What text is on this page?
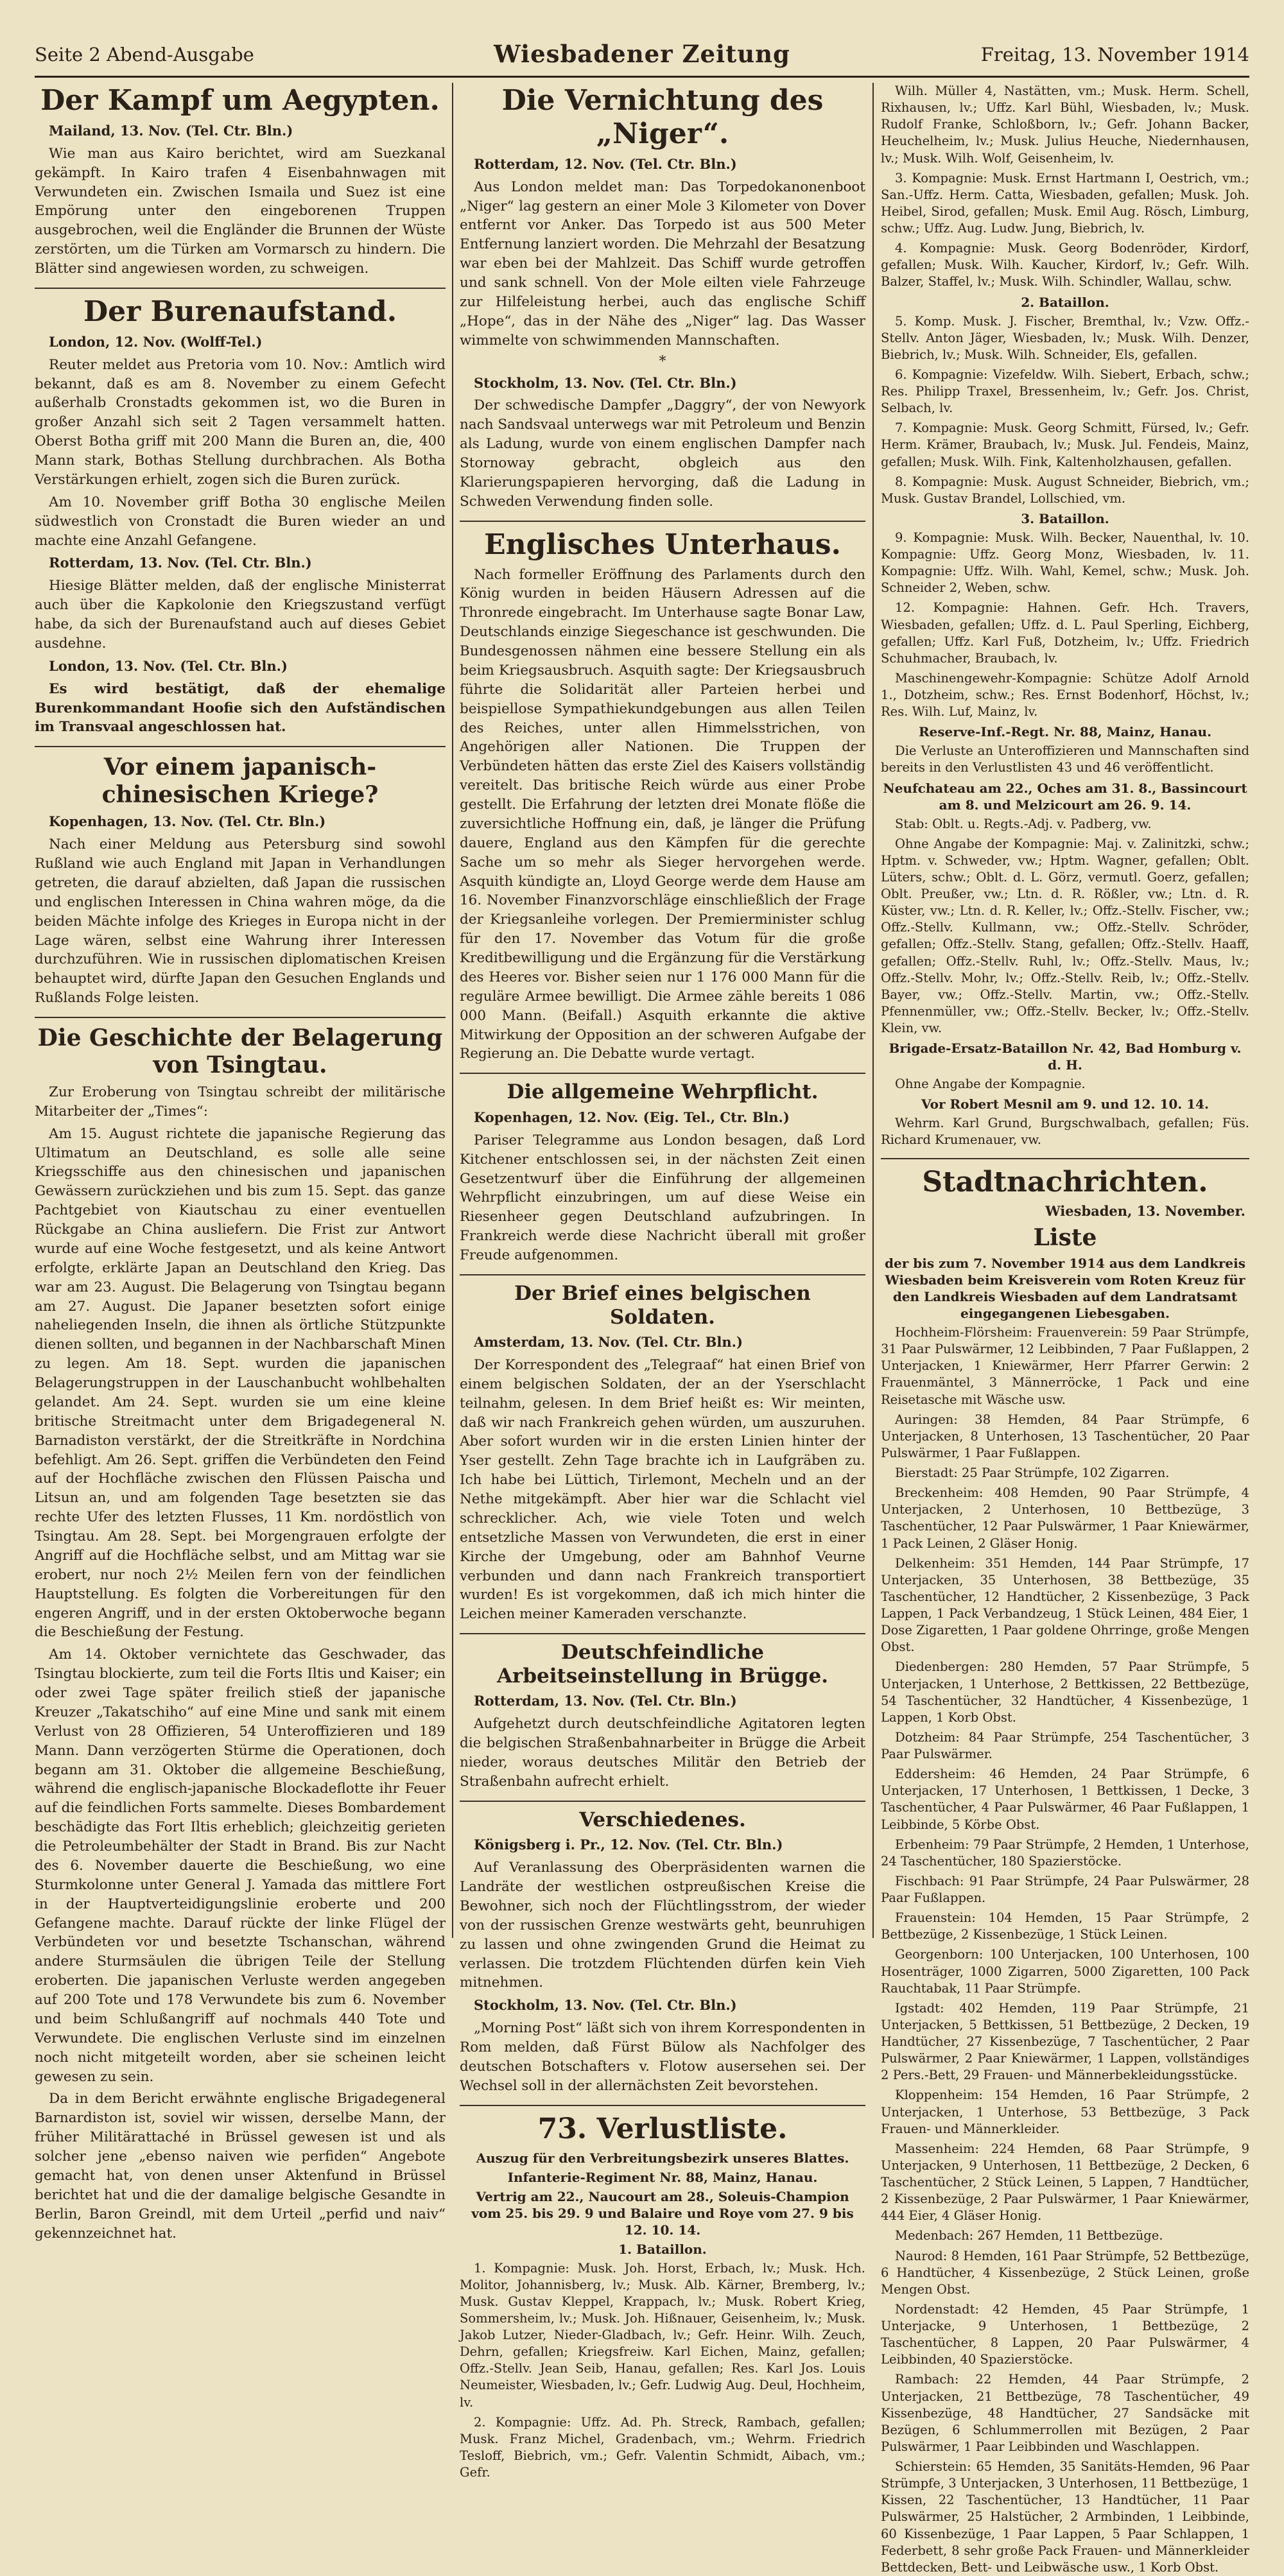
Seite 2 Abend-Ausgabe	Wiesbadener Zeitung	Freitag, 13. November 1914
Der Kampf um Aegypten.

Mailand, 13. Nov. (Tel. Ctr. Bln.)

Wie man aus Kairo berichtet, wird am Suezkanal gekämpft. In Kairo trafen 4 Eisenbahnwagen mit Verwundeten ein. Zwischen Ismaila und Suez ist eine Empörung unter den eingeborenen Truppen ausgebrochen, weil die Engländer die Brunnen der Wüste zerstörten, um die Türken am Vormarsch zu hindern. Die Blätter sind angewiesen worden, zu schweigen.

Der Burenaufstand.

London, 12. Nov. (Wolff-Tel.)

Reuter meldet aus Pretoria vom 10. Nov.: Amtlich wird bekannt, daß es am 8. November zu einem Gefecht außerhalb Cronstadts gekommen ist, wo die Buren in großer Anzahl sich seit 2 Tagen versammelt hatten. Oberst Botha griff mit 200 Mann die Buren an, die, 400 Mann stark, Bothas Stellung durchbrachen. Als Botha Verstärkungen erhielt, zogen sich die Buren zurück.

Am 10. November griff Botha 30 englische Meilen südwestlich von Cronstadt die Buren wieder an und machte eine Anzahl Gefangene.

Rotterdam, 13. Nov. (Tel. Ctr. Bln.)

Hiesige Blätter melden, daß der englische Ministerrat auch über die Kapkolonie den Kriegszustand verfügt habe, da sich der Burenaufstand auch auf dieses Gebiet ausdehne.

London, 13. Nov. (Tel. Ctr. Bln.)

Es wird bestätigt, daß der ehemalige Burenkommandant Hoofie sich den Aufständischen im Transvaal angeschlossen hat.

Vor einem japanisch-chinesischen Kriege?

Kopenhagen, 13. Nov. (Tel. Ctr. Bln.)

Nach einer Meldung aus Petersburg sind sowohl Rußland wie auch England mit Japan in Verhandlungen getreten, die darauf abzielten, daß Japan die russischen und englischen Interessen in China wahren möge, da die beiden Mächte infolge des Krieges in Europa nicht in der Lage wären, selbst eine Wahrung ihrer Interessen durchzuführen. Wie in russischen diplomatischen Kreisen behauptet wird, dürfte Japan den Gesuchen Englands und Rußlands Folge leisten.

Die Geschichte der Belagerung von Tsingtau.

Zur Eroberung von Tsingtau schreibt der militärische Mitarbeiter der „Times“:

Am 15. August richtete die japanische Regierung das Ultimatum an Deutschland, es solle alle seine Kriegsschiffe aus den chinesischen und japanischen Gewässern zurückziehen und bis zum 15. Sept. das ganze Pachtgebiet von Kiautschau zu einer eventuellen Rückgabe an China ausliefern. Die Frist zur Antwort wurde auf eine Woche festgesetzt, und als keine Antwort erfolgte, erklärte Japan an Deutschland den Krieg. Das war am 23. August. Die Belagerung von Tsingtau begann am 27. August. Die Japaner besetzten sofort einige naheliegenden Inseln, die ihnen als örtliche Stützpunkte dienen sollten, und begannen in der Nachbarschaft Minen zu legen. Am 18. Sept. wurden die japanischen Belagerungstruppen in der Lauschanbucht wohlbehalten gelandet. Am 24. Sept. wurden sie um eine kleine britische Streitmacht unter dem Brigadegeneral N. Barnadiston verstärkt, der die Streitkräfte in Nordchina befehligt. Am 26. Sept. griffen die Verbündeten den Feind auf der Hochfläche zwischen den Flüssen Paischa und Litsun an, und am folgenden Tage besetzten sie das rechte Ufer des letzten Flusses, 11 Km. nordöstlich von Tsingtau. Am 28. Sept. bei Morgengrauen erfolgte der Angriff auf die Hochfläche selbst, und am Mittag war sie erobert, nur noch 2½ Meilen fern von der feindlichen Hauptstellung. Es folgten die Vorbereitungen für den engeren Angriff, und in der ersten Oktoberwoche begann die Beschießung der Festung.

Am 14. Oktober vernichtete das Geschwader, das Tsingtau blockierte, zum teil die Forts Iltis und Kaiser; ein oder zwei Tage später freilich stieß der japanische Kreuzer „Takatschiho“ auf eine Mine und sank mit einem Verlust von 28 Offizieren, 54 Unteroffizieren und 189 Mann. Dann verzögerten Stürme die Operationen, doch begann am 31. Oktober die allgemeine Beschießung, während die englisch-japanische Blockadeflotte ihr Feuer auf die feindlichen Forts sammelte. Dieses Bombardement beschädigte das Fort Iltis erheblich; gleichzeitig gerieten die Petroleumbehälter der Stadt in Brand. Bis zur Nacht des 6. November dauerte die Beschießung, wo eine Sturmkolonne unter General J. Yamada das mittlere Fort in der Hauptverteidigungslinie eroberte und 200 Gefangene machte. Darauf rückte der linke Flügel der Verbündeten vor und besetzte Tschanschan, während andere Sturmsäulen die übrigen Teile der Stellung eroberten. Die japanischen Verluste werden angegeben auf 200 Tote und 178 Verwundete bis zum 6. November und beim Schlußangriff auf nochmals 440 Tote und Verwundete. Die englischen Verluste sind im einzelnen noch nicht mitgeteilt worden, aber sie scheinen leicht gewesen zu sein.

Da in dem Bericht erwähnte englische Brigadegeneral Barnardiston ist, soviel wir wissen, derselbe Mann, der früher Militärattaché in Brüssel gewesen ist und als solcher jene „ebenso naiven wie perfiden“ Angebote gemacht hat, von denen unser Aktenfund in Brüssel berichtet hat und die der damalige belgische Gesandte in Berlin, Baron Greindl, mit dem Urteil „perfid und naiv“ gekennzeichnet hat.

Die Vernichtung des „Niger“.

Rotterdam, 12. Nov. (Tel. Ctr. Bln.)

Aus London meldet man: Das Torpedokanonenboot „Niger“ lag gestern an einer Mole 3 Kilometer von Dover entfernt vor Anker. Das Torpedo ist aus 500 Meter Entfernung lanziert worden. Die Mehrzahl der Besatzung war eben bei der Mahlzeit. Das Schiff wurde getroffen und sank schnell. Von der Mole eilten viele Fahrzeuge zur Hilfeleistung herbei, auch das englische Schiff „Hope“, das in der Nähe des „Niger“ lag. Das Wasser wimmelte von schwimmenden Mannschaften.

*

Stockholm, 13. Nov. (Tel. Ctr. Bln.)

Der schwedische Dampfer „Daggry“, der von Newyork nach Sandsvaal unterwegs war mit Petroleum und Benzin als Ladung, wurde von einem englischen Dampfer nach Stornoway gebracht, obgleich aus den Klarierungspapieren hervorging, daß die Ladung in Schweden Verwendung finden solle.

Englisches Unterhaus.

Nach formeller Eröffnung des Parlaments durch den König wurden in beiden Häusern Adressen auf die Thronrede eingebracht. Im Unterhause sagte Bonar Law, Deutschlands einzige Siegeschance ist geschwunden. Die Bundesgenossen nähmen eine bessere Stellung ein als beim Kriegsausbruch. Asquith sagte: Der Kriegsausbruch führte die Solidarität aller Parteien herbei und beispiellose Sympathiekundgebungen aus allen Teilen des Reiches, unter allen Himmelsstrichen, von Angehörigen aller Nationen. Die Truppen der Verbündeten hätten das erste Ziel des Kaisers vollständig vereitelt. Das britische Reich würde aus einer Probe gestellt. Die Erfahrung der letzten drei Monate flöße die zuversichtliche Hoffnung ein, daß, je länger die Prüfung dauere, England aus den Kämpfen für die gerechte Sache um so mehr als Sieger hervorgehen werde. Asquith kündigte an, Lloyd George werde dem Hause am 16. November Finanzvorschläge einschließlich der Frage der Kriegsanleihe vorlegen. Der Premierminister schlug für den 17. November das Votum für die große Kreditbewilligung und die Ergänzung für die Verstärkung des Heeres vor. Bisher seien nur 1 176 000 Mann für die reguläre Armee bewilligt. Die Armee zähle bereits 1 086 000 Mann. (Beifall.) Asquith erkannte die aktive Mitwirkung der Opposition an der schweren Aufgabe der Regierung an. Die Debatte wurde vertagt.

Die allgemeine Wehrpflicht.

Kopenhagen, 12. Nov. (Eig. Tel., Ctr. Bln.)

Pariser Telegramme aus London besagen, daß Lord Kitchener entschlossen sei, in der nächsten Zeit einen Gesetzentwurf über die Einführung der allgemeinen Wehrpflicht einzubringen, um auf diese Weise ein Riesenheer gegen Deutschland aufzubringen. In Frankreich werde diese Nachricht überall mit großer Freude aufgenommen.

Der Brief eines belgischen Soldaten.

Amsterdam, 13. Nov. (Tel. Ctr. Bln.)

Der Korrespondent des „Telegraaf“ hat einen Brief von einem belgischen Soldaten, der an der Yserschlacht teilnahm, gelesen. In dem Brief heißt es: Wir meinten, daß wir nach Frankreich gehen würden, um auszuruhen. Aber sofort wurden wir in die ersten Linien hinter der Yser gestellt. Zehn Tage brachte ich in Laufgräben zu. Ich habe bei Lüttich, Tirlemont, Mecheln und an der Nethe mitgekämpft. Aber hier war die Schlacht viel schrecklicher. Ach, wie viele Toten und welch entsetzliche Massen von Verwundeten, die erst in einer Kirche der Umgebung, oder am Bahnhof Veurne verbunden und dann nach Frankreich transportiert wurden! Es ist vorgekommen, daß ich mich hinter die Leichen meiner Kameraden verschanzte.

Deutschfeindliche Arbeitseinstellung in Brügge.

Rotterdam, 13. Nov. (Tel. Ctr. Bln.)

Aufgehetzt durch deutschfeindliche Agitatoren legten die belgischen Straßenbahnarbeiter in Brügge die Arbeit nieder, woraus deutsches Militär den Betrieb der Straßenbahn aufrecht erhielt.

Verschiedenes.

Königsberg i. Pr., 12. Nov. (Tel. Ctr. Bln.)

Auf Veranlassung des Oberpräsidenten warnen die Landräte der westlichen ostpreußischen Kreise die Bewohner, sich noch der Flüchtlingsstrom, der wieder von der russischen Grenze westwärts geht, beunruhigen zu lassen und ohne zwingenden Grund die Heimat zu verlassen. Die trotzdem Flüchtenden dürfen kein Vieh mitnehmen.

Stockholm, 13. Nov. (Tel. Ctr. Bln.)

„Morning Post“ läßt sich von ihrem Korrespondenten in Rom melden, daß Fürst Bülow als Nachfolger des deutschen Botschafters v. Flotow ausersehen sei. Der Wechsel soll in der allernächsten Zeit bevorstehen.

73. Verlustliste.
Auszug für den Verbreitungsbezirk unseres Blattes.
Infanterie-Regiment Nr. 88, Mainz, Hanau.
Vertrig am 22., Naucourt am 28., Soleuis-Champion vom 25. bis 29. 9 und Balaire und Roye vom 27. 9 bis 12. 10. 14.
1. Bataillon.

1. Kompagnie: Musk. Joh. Horst, Erbach, lv.; Musk. Hch. Molitor, Johannisberg, lv.; Musk. Alb. Kärner, Bremberg, lv.; Musk. Gustav Kleppel, Krappach, lv.; Musk. Robert Krieg, Sommersheim, lv.; Musk. Joh. Hißnauer, Geisenheim, lv.; Musk. Jakob Lutzer, Nieder-Gladbach, lv.; Gefr. Heinr. Wilh. Zeuch, Dehrn, gefallen; Kriegsfreiw. Karl Eichen, Mainz, gefallen; Offz.-Stellv. Jean Seib, Hanau, gefallen; Res. Karl Jos. Louis Neumeister, Wiesbaden, lv.; Gefr. Ludwig Aug. Deul, Hochheim, lv.

2. Kompagnie: Uffz. Ad. Ph. Streck, Rambach, gefallen; Musk. Franz Michel, Gradenbach, vm.; Wehrm. Friedrich Tesloff, Biebrich, vm.; Gefr. Valentin Schmidt, Aibach, vm.; Gefr.

Wilh. Müller 4, Nastätten, vm.; Musk. Herm. Schell, Rixhausen, lv.; Uffz. Karl Bühl, Wiesbaden, lv.; Musk. Rudolf Franke, Schloßborn, lv.; Gefr. Johann Backer, Heuchelheim, lv.; Musk. Julius Heuche, Niedernhausen, lv.; Musk. Wilh. Wolf, Geisenheim, lv.

3. Kompagnie: Musk. Ernst Hartmann I, Oestrich, vm.; San.-Uffz. Herm. Catta, Wiesbaden, gefallen; Musk. Joh. Heibel, Sirod, gefallen; Musk. Emil Aug. Rösch, Limburg, schw.; Uffz. Aug. Ludw. Jung, Biebrich, lv.

4. Kompagnie: Musk. Georg Bodenröder, Kirdorf, gefallen; Musk. Wilh. Kaucher, Kirdorf, lv.; Gefr. Wilh. Balzer, Staffel, lv.; Musk. Wilh. Schindler, Wallau, schw.

2. Bataillon.

5. Komp. Musk. J. Fischer, Bremthal, lv.; Vzw. Offz.-Stellv. Anton Jäger, Wiesbaden, lv.; Musk. Wilh. Denzer, Biebrich, lv.; Musk. Wilh. Schneider, Els, gefallen.

6. Kompagnie: Vizefeldw. Wilh. Siebert, Erbach, schw.; Res. Philipp Traxel, Bressenheim, lv.; Gefr. Jos. Christ, Selbach, lv.

7. Kompagnie: Musk. Georg Schmitt, Fürsed, lv.; Gefr. Herm. Krämer, Braubach, lv.; Musk. Jul. Fendeis, Mainz, gefallen; Musk. Wilh. Fink, Kaltenholzhausen, gefallen.

8. Kompagnie: Musk. August Schneider, Biebrich, vm.; Musk. Gustav Brandel, Lollschied, vm.

3. Bataillon.

9. Kompagnie: Musk. Wilh. Becker, Nauenthal, lv. 10. Kompagnie: Uffz. Georg Monz, Wiesbaden, lv. 11. Kompagnie: Uffz. Wilh. Wahl, Kemel, schw.; Musk. Joh. Schneider 2, Weben, schw.

12. Kompagnie: Hahnen. Gefr. Hch. Travers, Wiesbaden, gefallen; Uffz. d. L. Paul Sperling, Eichberg, gefallen; Uffz. Karl Fuß, Dotzheim, lv.; Uffz. Friedrich Schuhmacher, Braubach, lv.

Maschinengewehr-Kompagnie: Schütze Adolf Arnold 1., Dotzheim, schw.; Res. Ernst Bodenhorf, Höchst, lv.; Res. Wilh. Luf, Mainz, lv.

Reserve-Inf.-Regt. Nr. 88, Mainz, Hanau.

Die Verluste an Unteroffizieren und Mannschaften sind bereits in den Verlustlisten 43 und 46 veröffentlicht.

Neufchateau am 22., Oches am 31. 8., Bassincourt am 8. und Melzicourt am 26. 9. 14.

Stab: Oblt. u. Regts.-Adj. v. Padberg, vw.

Ohne Angabe der Kompagnie: Maj. v. Zalinitzki, schw.; Hptm. v. Schweder, vw.; Hptm. Wagner, gefallen; Oblt. Lüters, schw.; Oblt. d. L. Görz, vermutl. Goerz, gefallen; Oblt. Preußer, vw.; Ltn. d. R. Rößler, vw.; Ltn. d. R. Küster, vw.; Ltn. d. R. Keller, lv.; Offz.-Stellv. Fischer, vw.; Offz.-Stellv. Kullmann, vw.; Offz.-Stellv. Schröder, gefallen; Offz.-Stellv. Stang, gefallen; Offz.-Stellv. Haaff, gefallen; Offz.-Stellv. Ruhl, lv.; Offz.-Stellv. Maus, lv.; Offz.-Stellv. Mohr, lv.; Offz.-Stellv. Reib, lv.; Offz.-Stellv. Bayer, vw.; Offz.-Stellv. Martin, vw.; Offz.-Stellv. Pfennenmüller, vw.; Offz.-Stellv. Becker, lv.; Offz.-Stellv. Klein, vw.

Brigade-Ersatz-Bataillon Nr. 42, Bad Homburg v. d. H.

Ohne Angabe der Kompagnie.

Vor Robert Mesnil am 9. und 12. 10. 14.

Wehrm. Karl Grund, Burgschwalbach, gefallen; Füs. Richard Krumenauer, vw.

Stadtnachrichten.

Wiesbaden, 13. November.

Liste
der bis zum 7. November 1914 aus dem Landkreis Wiesbaden beim Kreisverein vom Roten Kreuz für den Landkreis Wiesbaden auf dem Landratsamt eingegangenen Liebesgaben.

Hochheim-Flörsheim: Frauenverein: 59 Paar Strümpfe, 31 Paar Pulswärmer, 12 Leibbinden, 7 Paar Fußlappen, 2 Unterjacken, 1 Kniewärmer, Herr Pfarrer Gerwin: 2 Frauenmäntel, 3 Männerröcke, 1 Pack und eine Reisetasche mit Wäsche usw.

Auringen: 38 Hemden, 84 Paar Strümpfe, 6 Unterjacken, 8 Unterhosen, 13 Taschentücher, 20 Paar Pulswärmer, 1 Paar Fußlappen.

Bierstadt: 25 Paar Strümpfe, 102 Zigarren.

Breckenheim: 408 Hemden, 90 Paar Strümpfe, 4 Unterjacken, 2 Unterhosen, 10 Bettbezüge, 3 Taschentücher, 12 Paar Pulswärmer, 1 Paar Kniewärmer, 1 Pack Leinen, 2 Gläser Honig.

Delkenheim: 351 Hemden, 144 Paar Strümpfe, 17 Unterjacken, 35 Unterhosen, 38 Bettbezüge, 35 Taschentücher, 12 Handtücher, 2 Kissenbezüge, 3 Pack Lappen, 1 Pack Verbandzeug, 1 Stück Leinen, 484 Eier, 1 Dose Zigaretten, 1 Paar goldene Ohrringe, große Mengen Obst.

Diedenbergen: 280 Hemden, 57 Paar Strümpfe, 5 Unterjacken, 1 Unterhose, 2 Bettkissen, 22 Bettbezüge, 54 Taschentücher, 32 Handtücher, 4 Kissenbezüge, 1 Lappen, 1 Korb Obst.

Dotzheim: 84 Paar Strümpfe, 254 Taschentücher, 3 Paar Pulswärmer.

Eddersheim: 46 Hemden, 24 Paar Strümpfe, 6 Unterjacken, 17 Unterhosen, 1 Bettkissen, 1 Decke, 3 Taschentücher, 4 Paar Pulswärmer, 46 Paar Fußlappen, 1 Leibbinde, 5 Körbe Obst.

Erbenheim: 79 Paar Strümpfe, 2 Hemden, 1 Unterhose, 24 Taschentücher, 180 Spazierstöcke.

Fischbach: 91 Paar Strümpfe, 24 Paar Pulswärmer, 28 Paar Fußlappen.

Frauenstein: 104 Hemden, 15 Paar Strümpfe, 2 Bettbezüge, 2 Kissenbezüge, 1 Stück Leinen.

Georgenborn: 100 Unterjacken, 100 Unterhosen, 100 Hosenträger, 1000 Zigarren, 5000 Zigaretten, 100 Pack Rauchtabak, 11 Paar Strümpfe.

Igstadt: 402 Hemden, 119 Paar Strümpfe, 21 Unterjacken, 5 Bettkissen, 51 Bettbezüge, 2 Decken, 19 Handtücher, 27 Kissenbezüge, 7 Taschentücher, 2 Paar Pulswärmer, 2 Paar Kniewärmer, 1 Lappen, vollständiges 2 Pers.-Bett, 29 Frauen- und Männerbekleidungsstücke.

Kloppenheim: 154 Hemden, 16 Paar Strümpfe, 2 Unterjacken, 1 Unterhose, 53 Bettbezüge, 3 Pack Frauen- und Männerkleider.

Massenheim: 224 Hemden, 68 Paar Strümpfe, 9 Unterjacken, 9 Unterhosen, 11 Bettbezüge, 2 Decken, 6 Taschentücher, 2 Stück Leinen, 5 Lappen, 7 Handtücher, 2 Kissenbezüge, 2 Paar Pulswärmer, 1 Paar Kniewärmer, 444 Eier, 4 Gläser Honig.

Medenbach: 267 Hemden, 11 Bettbezüge.

Naurod: 8 Hemden, 161 Paar Strümpfe, 52 Bettbezüge, 6 Handtücher, 4 Kissenbezüge, 2 Stück Leinen, große Mengen Obst.

Nordenstadt: 42 Hemden, 45 Paar Strümpfe, 1 Unterjacke, 9 Unterhosen, 1 Bettbezüge, 2 Taschentücher, 8 Lappen, 20 Paar Pulswärmer, 4 Leibbinden, 40 Spazierstöcke.

Rambach: 22 Hemden, 44 Paar Strümpfe, 2 Unterjacken, 21 Bettbezüge, 78 Taschentücher, 49 Kissenbezüge, 48 Handtücher, 27 Sandsäcke mit Bezügen, 6 Schlummerrollen mit Bezügen, 2 Paar Pulswärmer, 1 Paar Leibbinden und Waschlappen.

Schierstein: 65 Hemden, 35 Sanitäts-Hemden, 96 Paar Strümpfe, 3 Unterjacken, 3 Unterhosen, 11 Bettbezüge, 1 Kissen, 22 Taschentücher, 13 Handtücher, 11 Paar Pulswärmer, 25 Halstücher, 2 Armbinden, 1 Leibbinde, 60 Kissenbezüge, 1 Paar Lappen, 5 Paar Schlappen, 1 Federbett, 8 sehr große Pack Frauen- und Männerkleider Bettdecken, Bett- und Leibwäsche usw., 1 Korb Obst.
